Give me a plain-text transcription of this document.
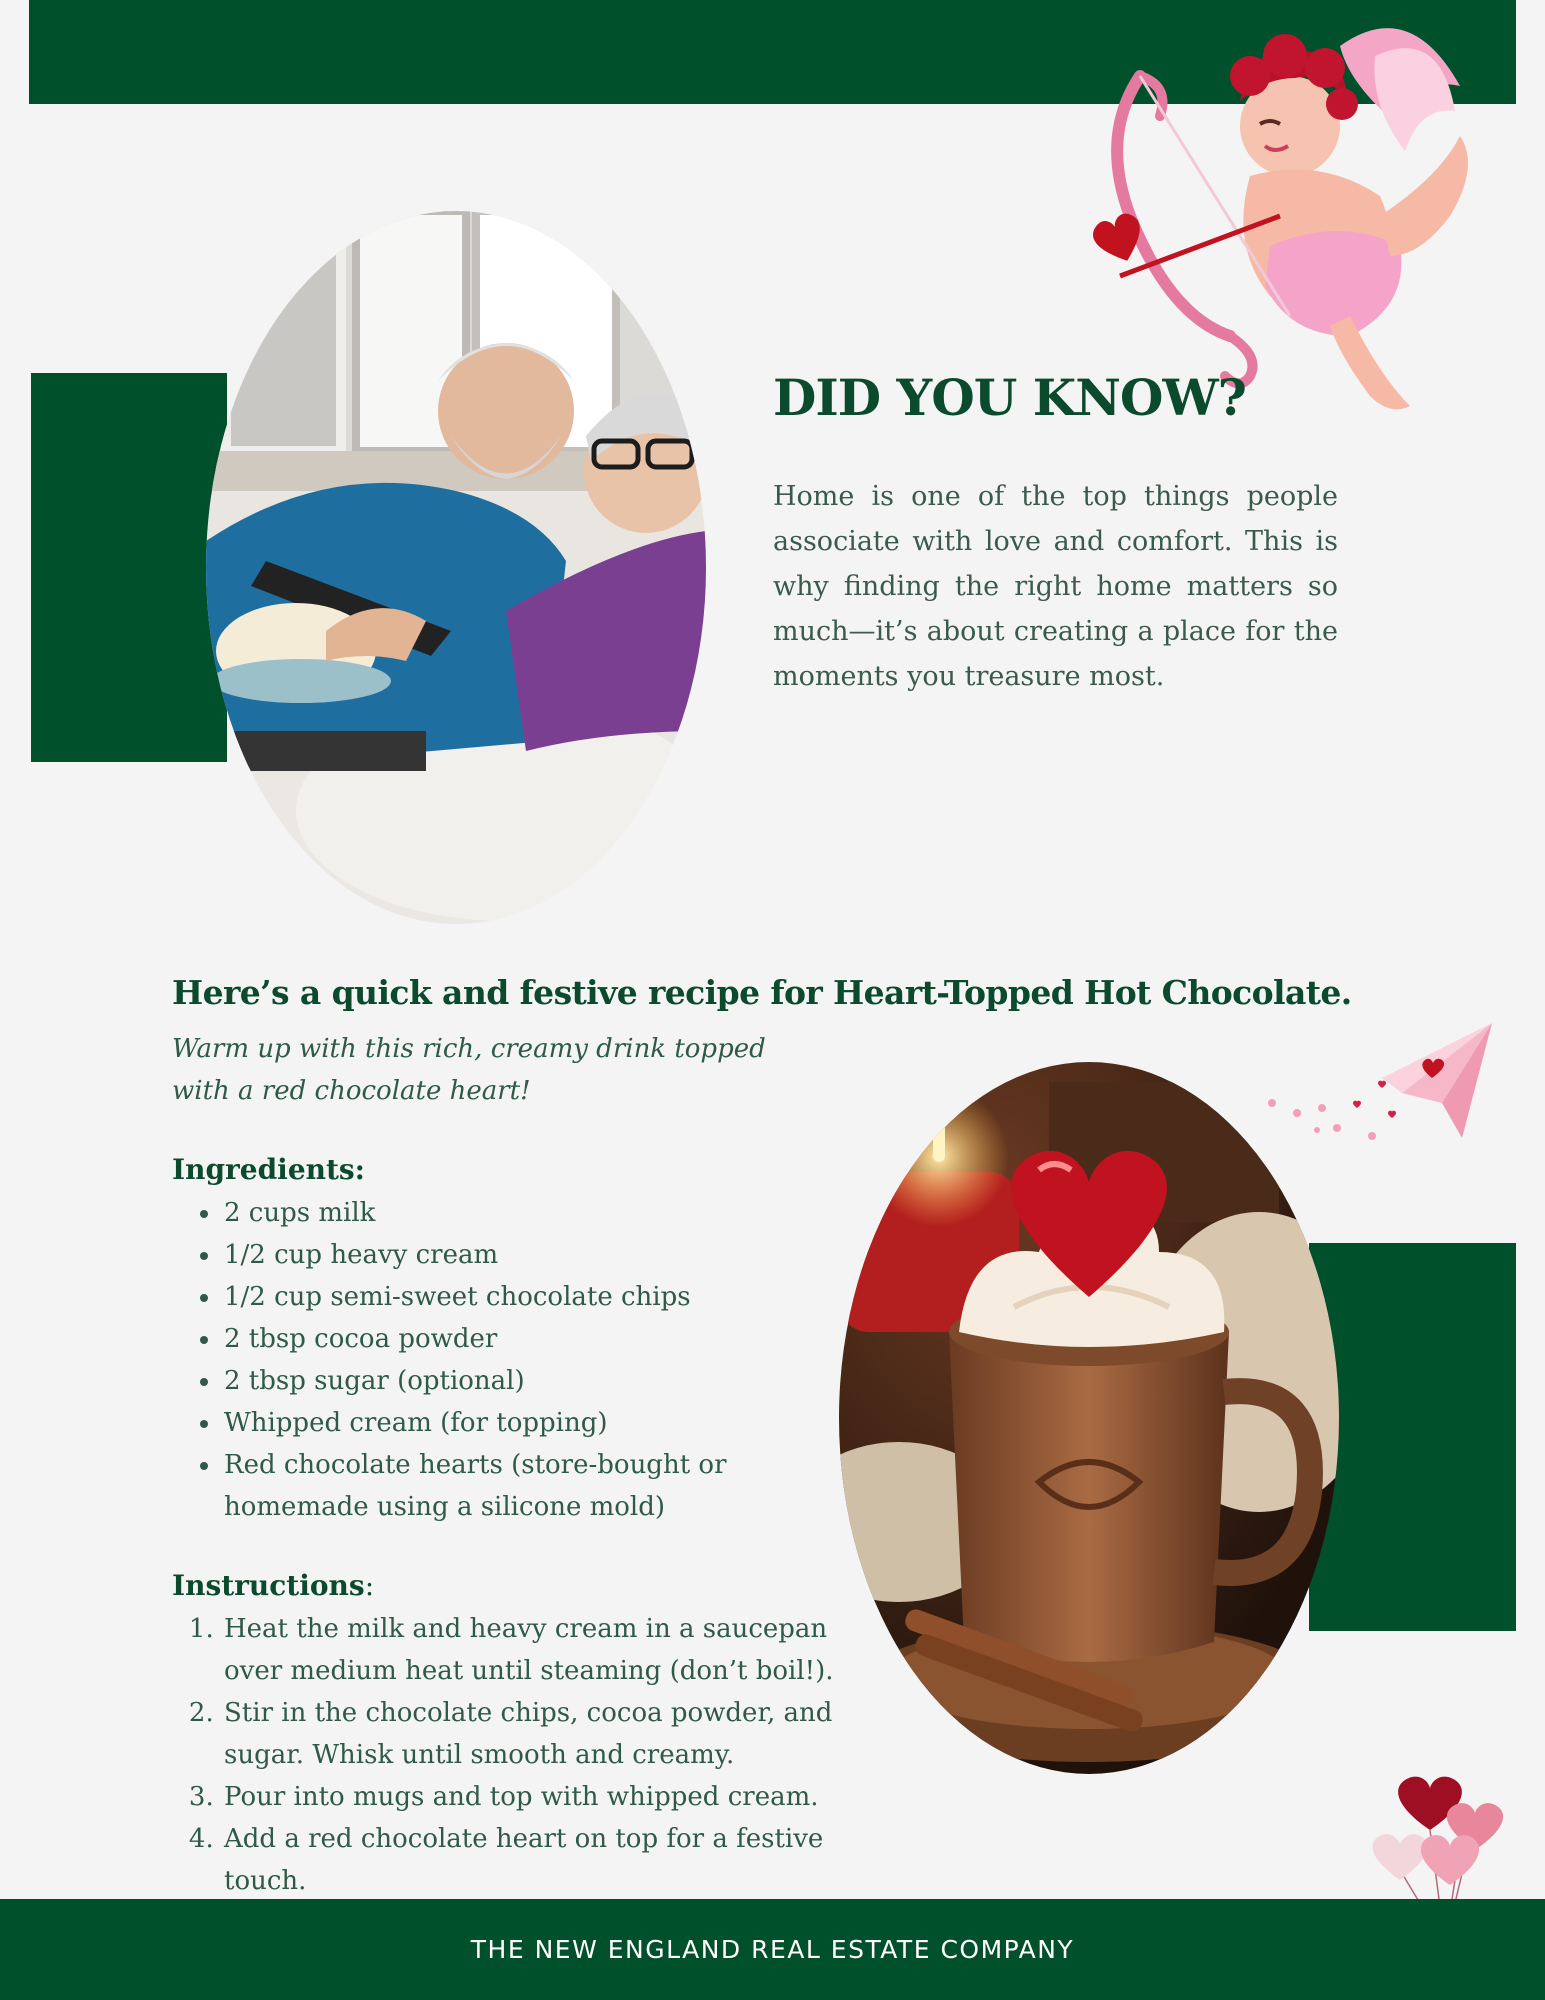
DID YOU KNOW?

Home is one of the top things people associate with love and comfort. This is why finding the right home matters so much—it’s about creating a place for the moments you treasure most.

Here’s a quick and festive recipe for Heart-Topped Hot Chocolate.

Warm up with this rich, creamy drink topped with a red chocolate heart!

Ingredients:
• 2 cups milk
• 1/2 cup heavy cream
• 1/2 cup semi-sweet chocolate chips
• 2 tbsp cocoa powder
• 2 tbsp sugar (optional)
• Whipped cream (for topping)
• Red chocolate hearts (store-bought or homemade using a silicone mold)
Instructions:
1. Heat the milk and heavy cream in a saucepan over medium heat until steaming (don’t boil!).
2. Stir in the chocolate chips, cocoa powder, and sugar. Whisk until smooth and creamy.
3. Pour into mugs and top with whipped cream.
4. Add a red chocolate heart on top for a festive touch.
THE NEW ENGLAND REAL ESTATE COMPANY
